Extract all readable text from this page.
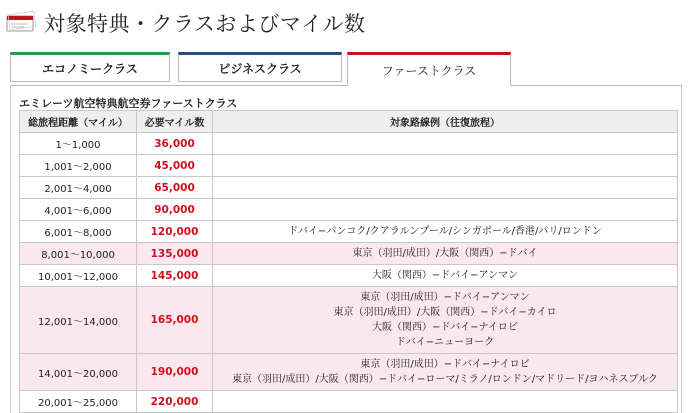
対象特典・クラスおよびマイル数
エコノミークラス	ビジネスクラス	ファーストクラス
エミレーツ航空特典航空券ファーストクラス
総旅程距離（マイル）	必要マイル数	対象路線例（往復旅程）
1〜1,000	36,000	
1,001〜2,000	45,000	
2,001〜4,000	65,000	
4,001〜6,000	90,000	
6,001〜8,000	120,000	ドバイ−バンコク/クアラルンプール/シンガポール/香港/パリ/ロンドン

8,001〜10,000	135,000	東京（羽田/成田）/大阪（関西）−ドバイ

10,001〜12,000	145,000	大阪（関西）−ドバイ−アンマン

12,001〜14,000	165,000	東京（羽田/成田）−ドバイ−アンマン
東京（羽田/成田）/大阪（関西）−ドバイ−カイロ
大阪（関西）−ドバイ−ナイロビ
ドバイ−ニューヨーク

14,001〜20,000	190,000	東京（羽田/成田）−ドバイ−ナイロビ
東京（羽田/成田）/大阪（関西）−ドバイ−ローマ/ミラノ/ロンドン/マドリード/ヨハネスブルク

20,001〜25,000	220,000	
